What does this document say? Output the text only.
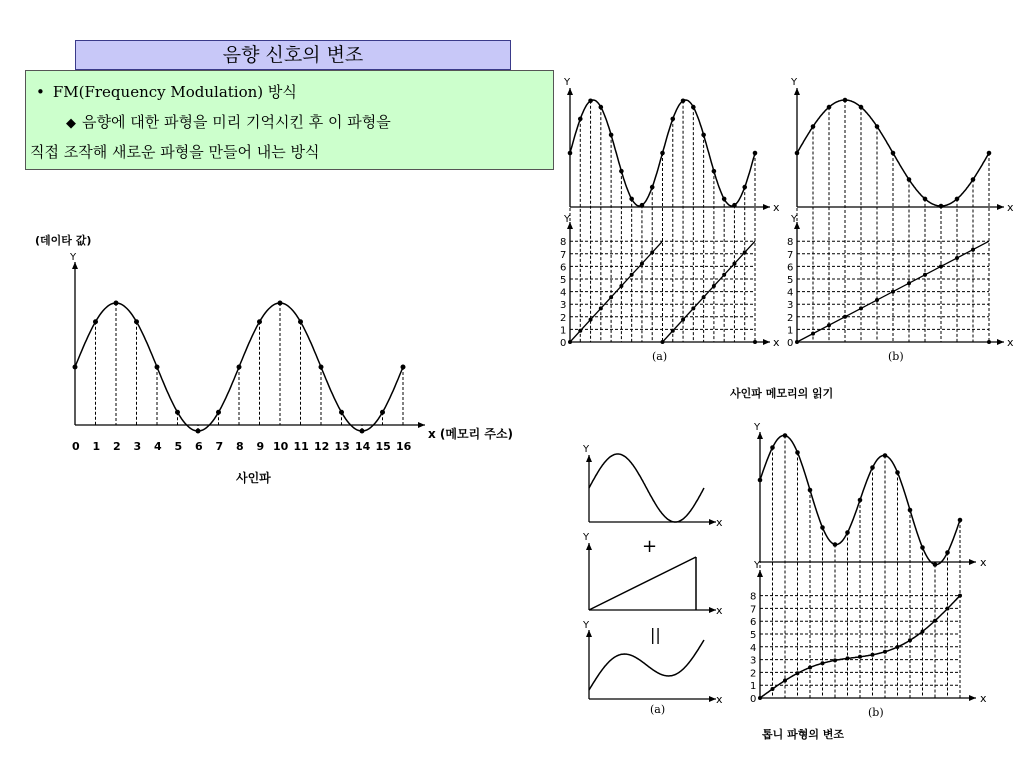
음향 신호의 변조
• FM(Frequency Modulation) 방식
◆ 음향에 대한 파형을 미리 기억시킨 후 이 파형을
직접 조작해 새로운 파형을 만들어 내는 방식
(데이타 값)
Y
x (메모리 주소)
0 1 2 3 4 5 6 7 8 9 10 11 12 13 14 15 16
사인파
0
1
2
3
4
5
6
7
8
Y
Y
x
x 0
1
2
3
4
5
6
7
8
Y
Y
x
x
(a)	(b)
사인파 메모리의 읽기
Y
Y
Y
x
x
x
+
||
0
1
2
3
4
5
6
7
8
Y
Y	x
x
(a)	(b)
톱니 파형의 변조
